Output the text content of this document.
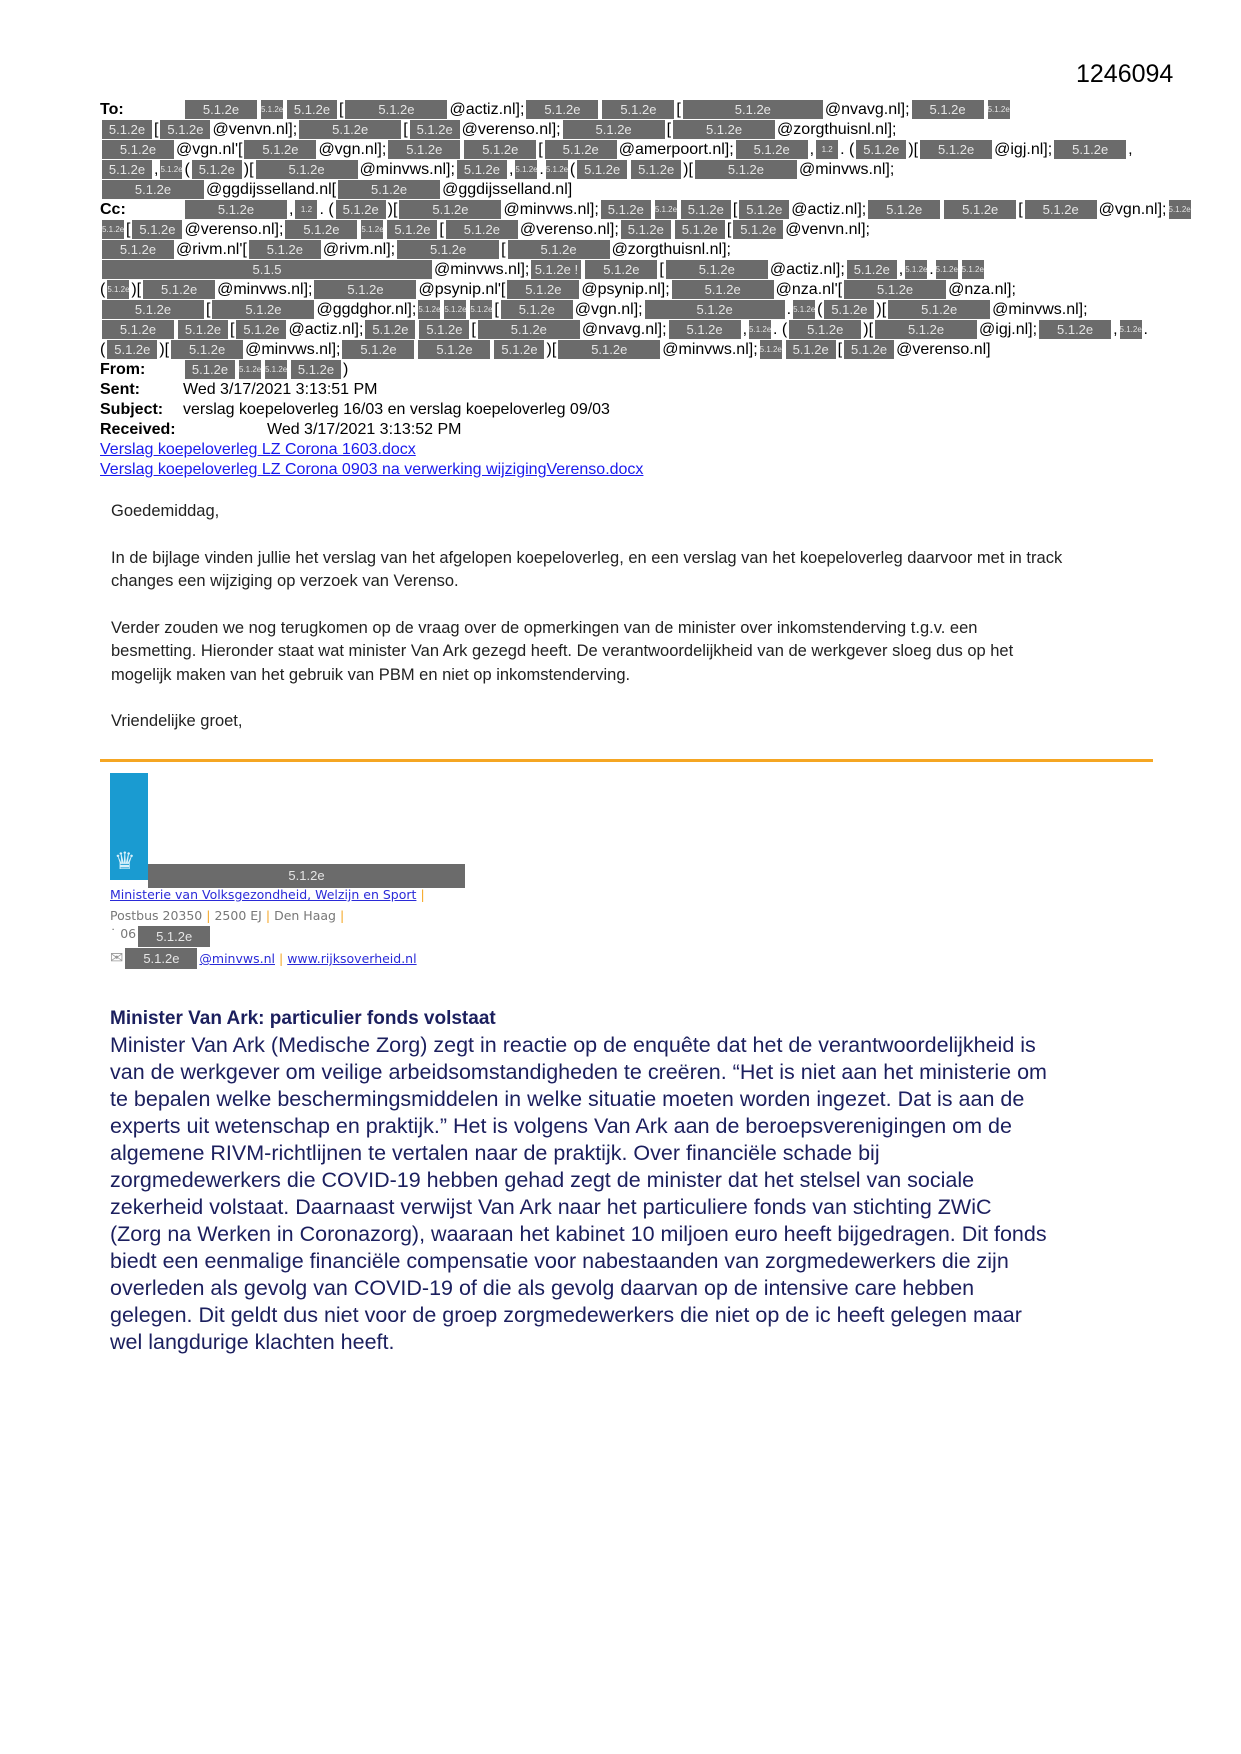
1246094
To:	5.1.2e	5.1.2e 5.1.2e [	5.1.2e @actiz.nl]; 5.1.2e	5.1.2e [	5.1.2e	@nvavg.nl]; 5.1.2e	5.1.2e
5.1.2e [ 5.1.2e @venvn.nl];	5.1.2e [ 5.1.2e @verenso.nl];	5.1.2e [	5.1.2e @zorgthuisnl.nl];
5.1.2e @vgn.nl'[ 5.1.2e @vgn.nl]; 5.1.2e	5.1.2e [ 5.1.2e @amerpoort.nl]; 5.1.2e , 1.2 . ( 5.1.2e )[ 5.1.2e @igj.nl]; 5.1.2e ,
5.1.2e , 5.1.2e ( 5.1.2e )[	5.1.2e @minvws.nl]; 5.1.2e , 5.1.2e . 5.1.2e ( 5.1.2e 5.1.2e )[	5.1.2e @minvws.nl];
5.1.2e @ggdijsselland.nl[	5.1.2e @ggdijsselland.nl]
Cc:	5.1.2e , 1.2 . ( 5.1.2e )[	5.1.2e @minvws.nl]; 5.1.2e 5.1.2e 5.1.2e [ 5.1.2e @actiz.nl]; 5.1.2e	5.1.2e [ 5.1.2e @vgn.nl]; 5.1.2e
5.1.2e [ 5.1.2e @verenso.nl]; 5.1.2e	5.1.2e 5.1.2e [ 5.1.2e @verenso.nl]; 5.1.2e 5.1.2e [ 5.1.2e @venvn.nl];
5.1.2e @rivm.nl'[ 5.1.2e @rivm.nl];	5.1.2e [	5.1.2e @zorgthuisnl.nl];
5.1.5	@minvws.nl]; 5.1.2e ! 5.1.2e [	5.1.2e @actiz.nl]; 5.1.2e , 5.1.2e . 5.1.2e 5.1.2e
( 5.1.2e )[ 5.1.2e @minvws.nl];	5.1.2e @psynip.nl'[ 5.1.2e @psynip.nl];	5.1.2e @nza.nl'[	5.1.2e @nza.nl];
5.1.2e [	5.1.2e @ggdghor.nl]; 5.1.2e 5.1.2e 5.1.2e [ 5.1.2e @vgn.nl];	5.1.2e	. 5.1.2e ( 5.1.2e )[	5.1.2e @minvws.nl];
5.1.2e 5.1.2e [ 5.1.2e @actiz.nl]; 5.1.2e 5.1.2e [	5.1.2e @nvavg.nl]; 5.1.2e , 5.1.2e . ( 5.1.2e )[	5.1.2e @igj.nl]; 5.1.2e , 5.1.2e .
( 5.1.2e )[ 5.1.2e @minvws.nl]; 5.1.2e	5.1.2e 5.1.2e )[	5.1.2e @minvws.nl]; 5.1.2e 5.1.2e [ 5.1.2e @verenso.nl]
From:	5.1.2e 5.1.2e 5.1.2e 5.1.2e )
Sent:	Wed 3/17/2021 3:13:51 PM
Subject: verslag koepeloverleg 16/03 en verslag koepeloverleg 09/03
Received:	Wed 3/17/2021 3:13:52 PM
Verslag koepeloverleg LZ Corona 1603.docx
Verslag koepeloverleg LZ Corona 0903 na verwerking wijzigingVerenso.docx

Goedemiddag,

In de bijlage vinden jullie het verslag van het afgelopen koepeloverleg, en een verslag van het koepeloverleg daarvoor met in track

changes een wijziging op verzoek van Verenso.

Verder zouden we nog terugkomen op de vraag over de opmerkingen van de minister over inkomstenderving t.g.v. een

besmetting. Hieronder staat wat minister Van Ark gezegd heeft. De verantwoordelijkheid van de werkgever sloeg dus op het

mogelijk maken van het gebruik van PBM en niet op inkomstenderving.

Vriendelijke groet,

♛
5.1.2e
Ministerie van Volksgezondheid, Welzijn en Sport |
Postbus 20350 | 2500 EJ | Den Haag |
˙ 06 5.1.2e
✉ 5.1.2e @minvws.nl | www.rijksoverheid.nl
Minister Van Ark: particulier fonds volstaat

Minister Van Ark (Medische Zorg) zegt in reactie op de enquête dat het de verantwoordelijkheid is

van de werkgever om veilige arbeidsomstandigheden te creëren. “Het is niet aan het ministerie om

te bepalen welke beschermingsmiddelen in welke situatie moeten worden ingezet. Dat is aan de

experts uit wetenschap en praktijk.” Het is volgens Van Ark aan de beroepsverenigingen om de

algemene RIVM-richtlijnen te vertalen naar de praktijk. Over financiële schade bij

zorgmedewerkers die COVID-19 hebben gehad zegt de minister dat het stelsel van sociale

zekerheid volstaat. Daarnaast verwijst Van Ark naar het particuliere fonds van stichting ZWiC

(Zorg na Werken in Coronazorg), waaraan het kabinet 10 miljoen euro heeft bijgedragen. Dit fonds

biedt een eenmalige financiële compensatie voor nabestaanden van zorgmedewerkers die zijn

overleden als gevolg van COVID-19 of die als gevolg daarvan op de intensive care hebben

gelegen. Dit geldt dus niet voor de groep zorgmedewerkers die niet op de ic heeft gelegen maar

wel langdurige klachten heeft.
